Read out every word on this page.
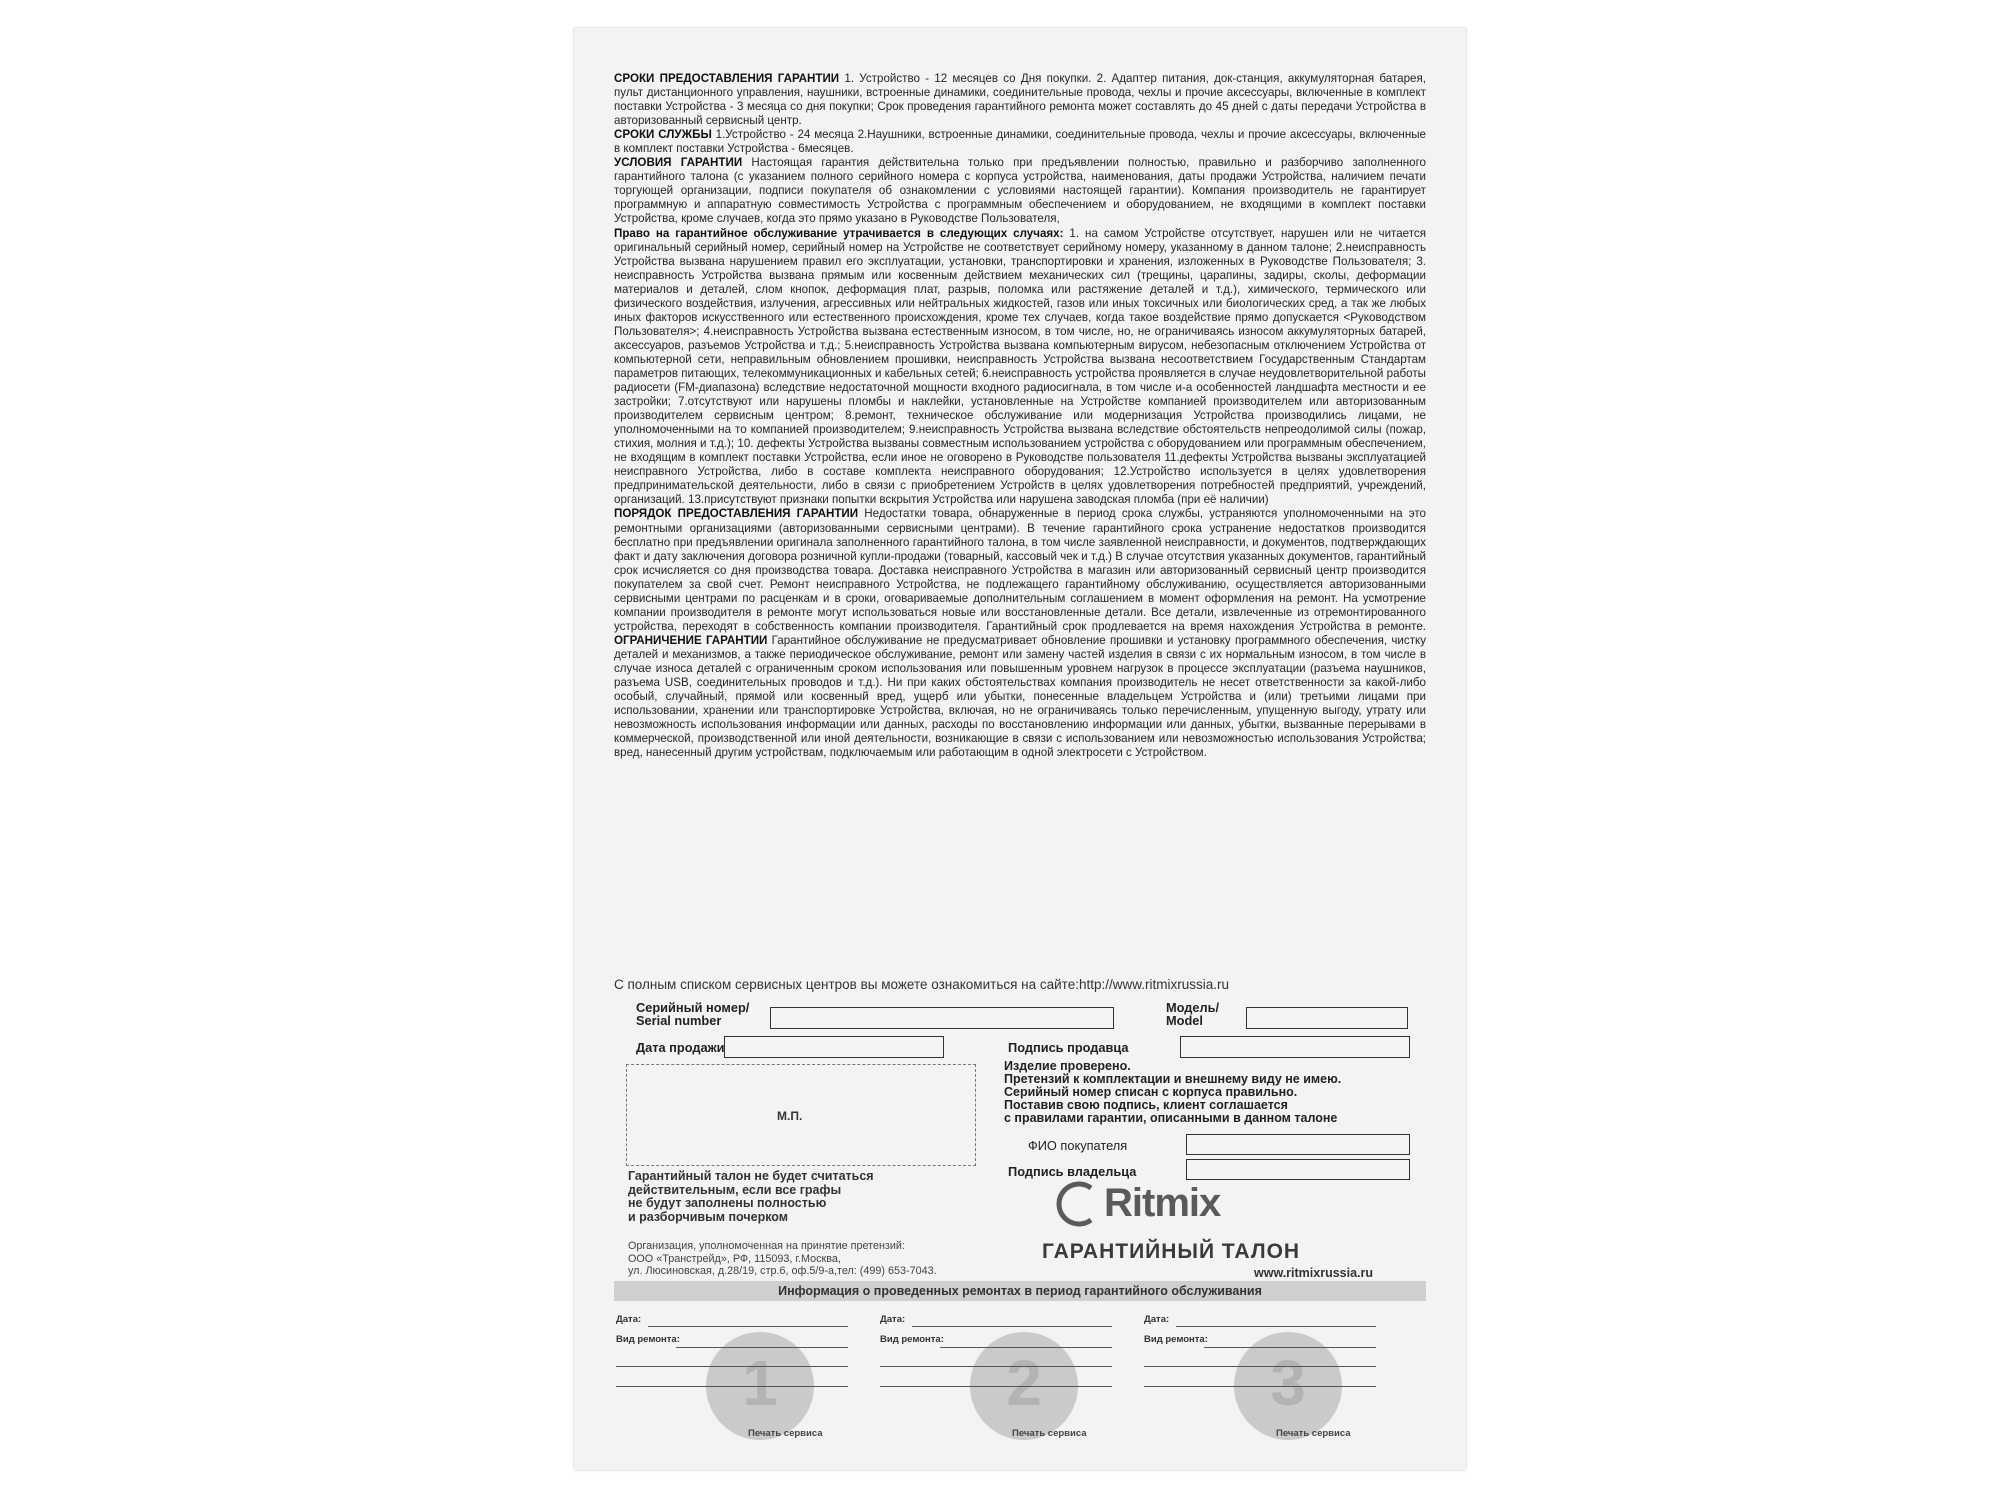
СРОКИ ПРЕДОСТАВЛЕНИЯ ГАРАНТИИ 1. Устройство - 12 месяцев со Дня покупки. 2. Адаптер питания, док-станция, аккумуляторная батарея, пульт дистанционного управления, наушники, встроенные динамики, соединительные провода, чехлы и прочие аксессуары, включенные в комплект поставки Устройства - 3 месяца со дня покупки; Срок проведения гарантийного ремонта может составлять до 45 дней с даты передачи Устройства в авторизованный сервисный центр.

СРОКИ СЛУЖБЫ 1.Устройство - 24 месяца 2.Наушники, встроенные динамики, соединительные провода, чехлы и прочие аксессуары, включенные в комплект поставки Устройства - 6месяцев.

УСЛОВИЯ ГАРАНТИИ Настоящая гарантия действительна только при предъявлении полностью, правильно и разборчиво заполненного гарантийного талона (с указанием полного серийного номера с корпуса устройства, наименования, даты продажи Устройства, наличием печати торгующей организации, подписи покупателя об ознакомлении с условиями настоящей гарантии). Компания производитель не гарантирует программную и аппаратную совместимость Устройства с программным обеспечением и оборудованием, не входящими в комплект поставки Устройства, кроме случаев, когда это прямо указано в Руководстве Пользователя,

Право на гарантийное обслуживание утрачивается в следующих случаях: 1. на самом Устройстве отсутствует, нарушен или не читается оригинальный серийный номер, серийный номер на Устройстве не соответствует серийному номеру, указанному в данном талоне; 2.неисправность Устройства вызвана нарушением правил его эксплуатации, установки, транспортировки и хранения, изложенных в Руководстве Пользователя; 3. неисправность Устройства вызвана прямым или косвенным действием механических сил (трещины, царапины, задиры, сколы, деформации материалов и деталей, слом кнопок, деформация плат, разрыв, поломка или растяжение деталей и т.д.), химического, термического или физического воздействия, излучения, агрессивных или нейтральных жидкостей, газов или иных токсичных или биологических сред, а так же любых иных факторов искусственного или естественного происхождения, кроме тех случаев, когда такое воздействие прямо допускается <Руководством Пользователя>; 4.неисправность Устройства вызвана естественным износом, в том числе, но, не ограничиваясь износом аккумуляторных батарей, аксессуаров, разъемов Устройства и т.д.; 5.неисправность Устройства вызвана компьютерным вирусом, небезопасным отключением Устройства от компьютерной сети, неправильным обновлением прошивки, неисправность Устройства вызвана несоответствием Государственным Стандартам параметров питающих, телекоммуникационных и кабельных сетей; 6.неисправность устройства проявляется в случае неудовлетворительной работы радиосети (FM-диапазона) вследствие недостаточной мощности входного радиосигнала, в том числе и-а особенностей ландшафта местности и ее застройки; 7.отсутствуют или нарушены пломбы и наклейки, установленные на Устройстве компанией производителем или авторизованным производителем сервисным центром; 8.ремонт, техническое обслуживание или модернизация Устройства производились лицами, не уполномоченными на то компанией производителем; 9.неисправность Устройства вызвана вследствие обстоятельств непреодолимой силы (пожар, стихия, молния и т.д.); 10. дефекты Устройства вызваны совместным использованием устройства с оборудованием или программным обеспечением, не входящим в комплект поставки Устройства, если иное не оговорено в Руководстве пользователя 11.дефекты Устройства вызваны эксплуатацией неисправного Устройства, либо в составе комплекта неисправного оборудования; 12.Устройство используется в целях удовлетворения предпринимательской деятельности, либо в связи с приобретением Устройств в целях удовлетворения потребностей предприятий, учреждений, организаций. 13.присутствуют признаки попытки вскрытия Устройства или нарушена заводская пломба (при её наличии)

ПОРЯДОК ПРЕДОСТАВЛЕНИЯ ГАРАНТИИ Недостатки товара, обнаруженные в период срока службы, устраняются уполномоченными на это ремонтными организациями (авторизованными сервисными центрами). В течение гарантийного срока устранение недостатков производится бесплатно при предъявлении оригинала заполненного гарантийного талона, в том числе заявленной неисправности, и документов, подтверждающих факт и дату заключения договора розничной купли-продажи (товарный, кассовый чек и т.д.) В случае отсутствия указанных документов, гарантийный срок исчисляется со дня производства товара. Доставка неисправного Устройства в магазин или авторизованный сервисный центр производится покупателем за свой счет. Ремонт неисправного Устройства, не подлежащего гарантийному обслуживанию, осуществляется авторизованными сервисными центрами по расценкам и в сроки, оговариваемые дополнительным соглашением в момент оформления на ремонт. На усмотрение компании производителя в ремонте могут использоваться новые или восстановленные детали. Все детали, извлеченные из отремонтированного устройства, переходят в собственность компании производителя. Гарантийный срок продлевается на время нахождения Устройства в ремонте. ОГРАНИЧЕНИЕ ГАРАНТИИ Гарантийное обслуживание не предусматривает обновление прошивки и установку программного обеспечения, чистку деталей и механизмов, а также периодическое обслуживание, ремонт или замену частей изделия в связи с их нормальным износом, в том числе в случае износа деталей с ограниченным сроком использования или повышенным уровнем нагрузок в процессе эксплуатации (разъема наушников, разъема USB, соединительных проводов и т.д.). Ни при каких обстоятельствах компания производитель не несет ответственности за какой-либо особый, случайный, прямой или косвенный вред, ущерб или убытки, понесенные владельцем Устройства и (или) третьими лицами при использовании, хранении или транспортировке Устройства, включая, но не ограничиваясь только перечисленным, упущенную выгоду, утрату или невозможность использования информации или данных, расходы по восстановлению информации или данных, убытки, вызванные перерывами в коммерческой, производственной или иной деятельности, возникающие в связи с использованием или невозможностью использования Устройства; вред, нанесенный другим устройствам, подключаемым или работающим в одной электросети с Устройством.

С полным списком сервисных центров вы можете ознакомиться на сайте:http://www.ritmixrussia.ru
Серийный номер/
Serial number
Модель/
Model
Дата продажи	Подпись продавца
М.П.
Изделие проверено.
Претензий к комплектации и внешнему виду не имею.
Серийный номер списан с корпуса правильно.
Поставив свою подпись, клиент соглашается
с правилами гарантии, описанными в данном талоне
ФИО покупателя
Подпись владельца
Гарантийный талон не будет считаться
действительным, если все графы
не будут заполнены полностью
и разборчивым почерком
Организация, уполномоченная на принятие претензий:
ООО «Транстрейд», РФ, 115093, г.Москва,
ул. Люсиновская, д.28/19, стр.6, оф.5/9-а,тел: (499) 653-7043.
Ritmix
ГАРАНТИЙНЫЙ ТАЛОН
www.ritmixrussia.ru
Информация о проведенных ремонтах в период гарантийного обслуживания
1
Дата:
Вид ремонта:
Печать сервиса
2
Дата:
Вид ремонта:
Печать сервиса
3
Дата:
Вид ремонта:
Печать сервиса
